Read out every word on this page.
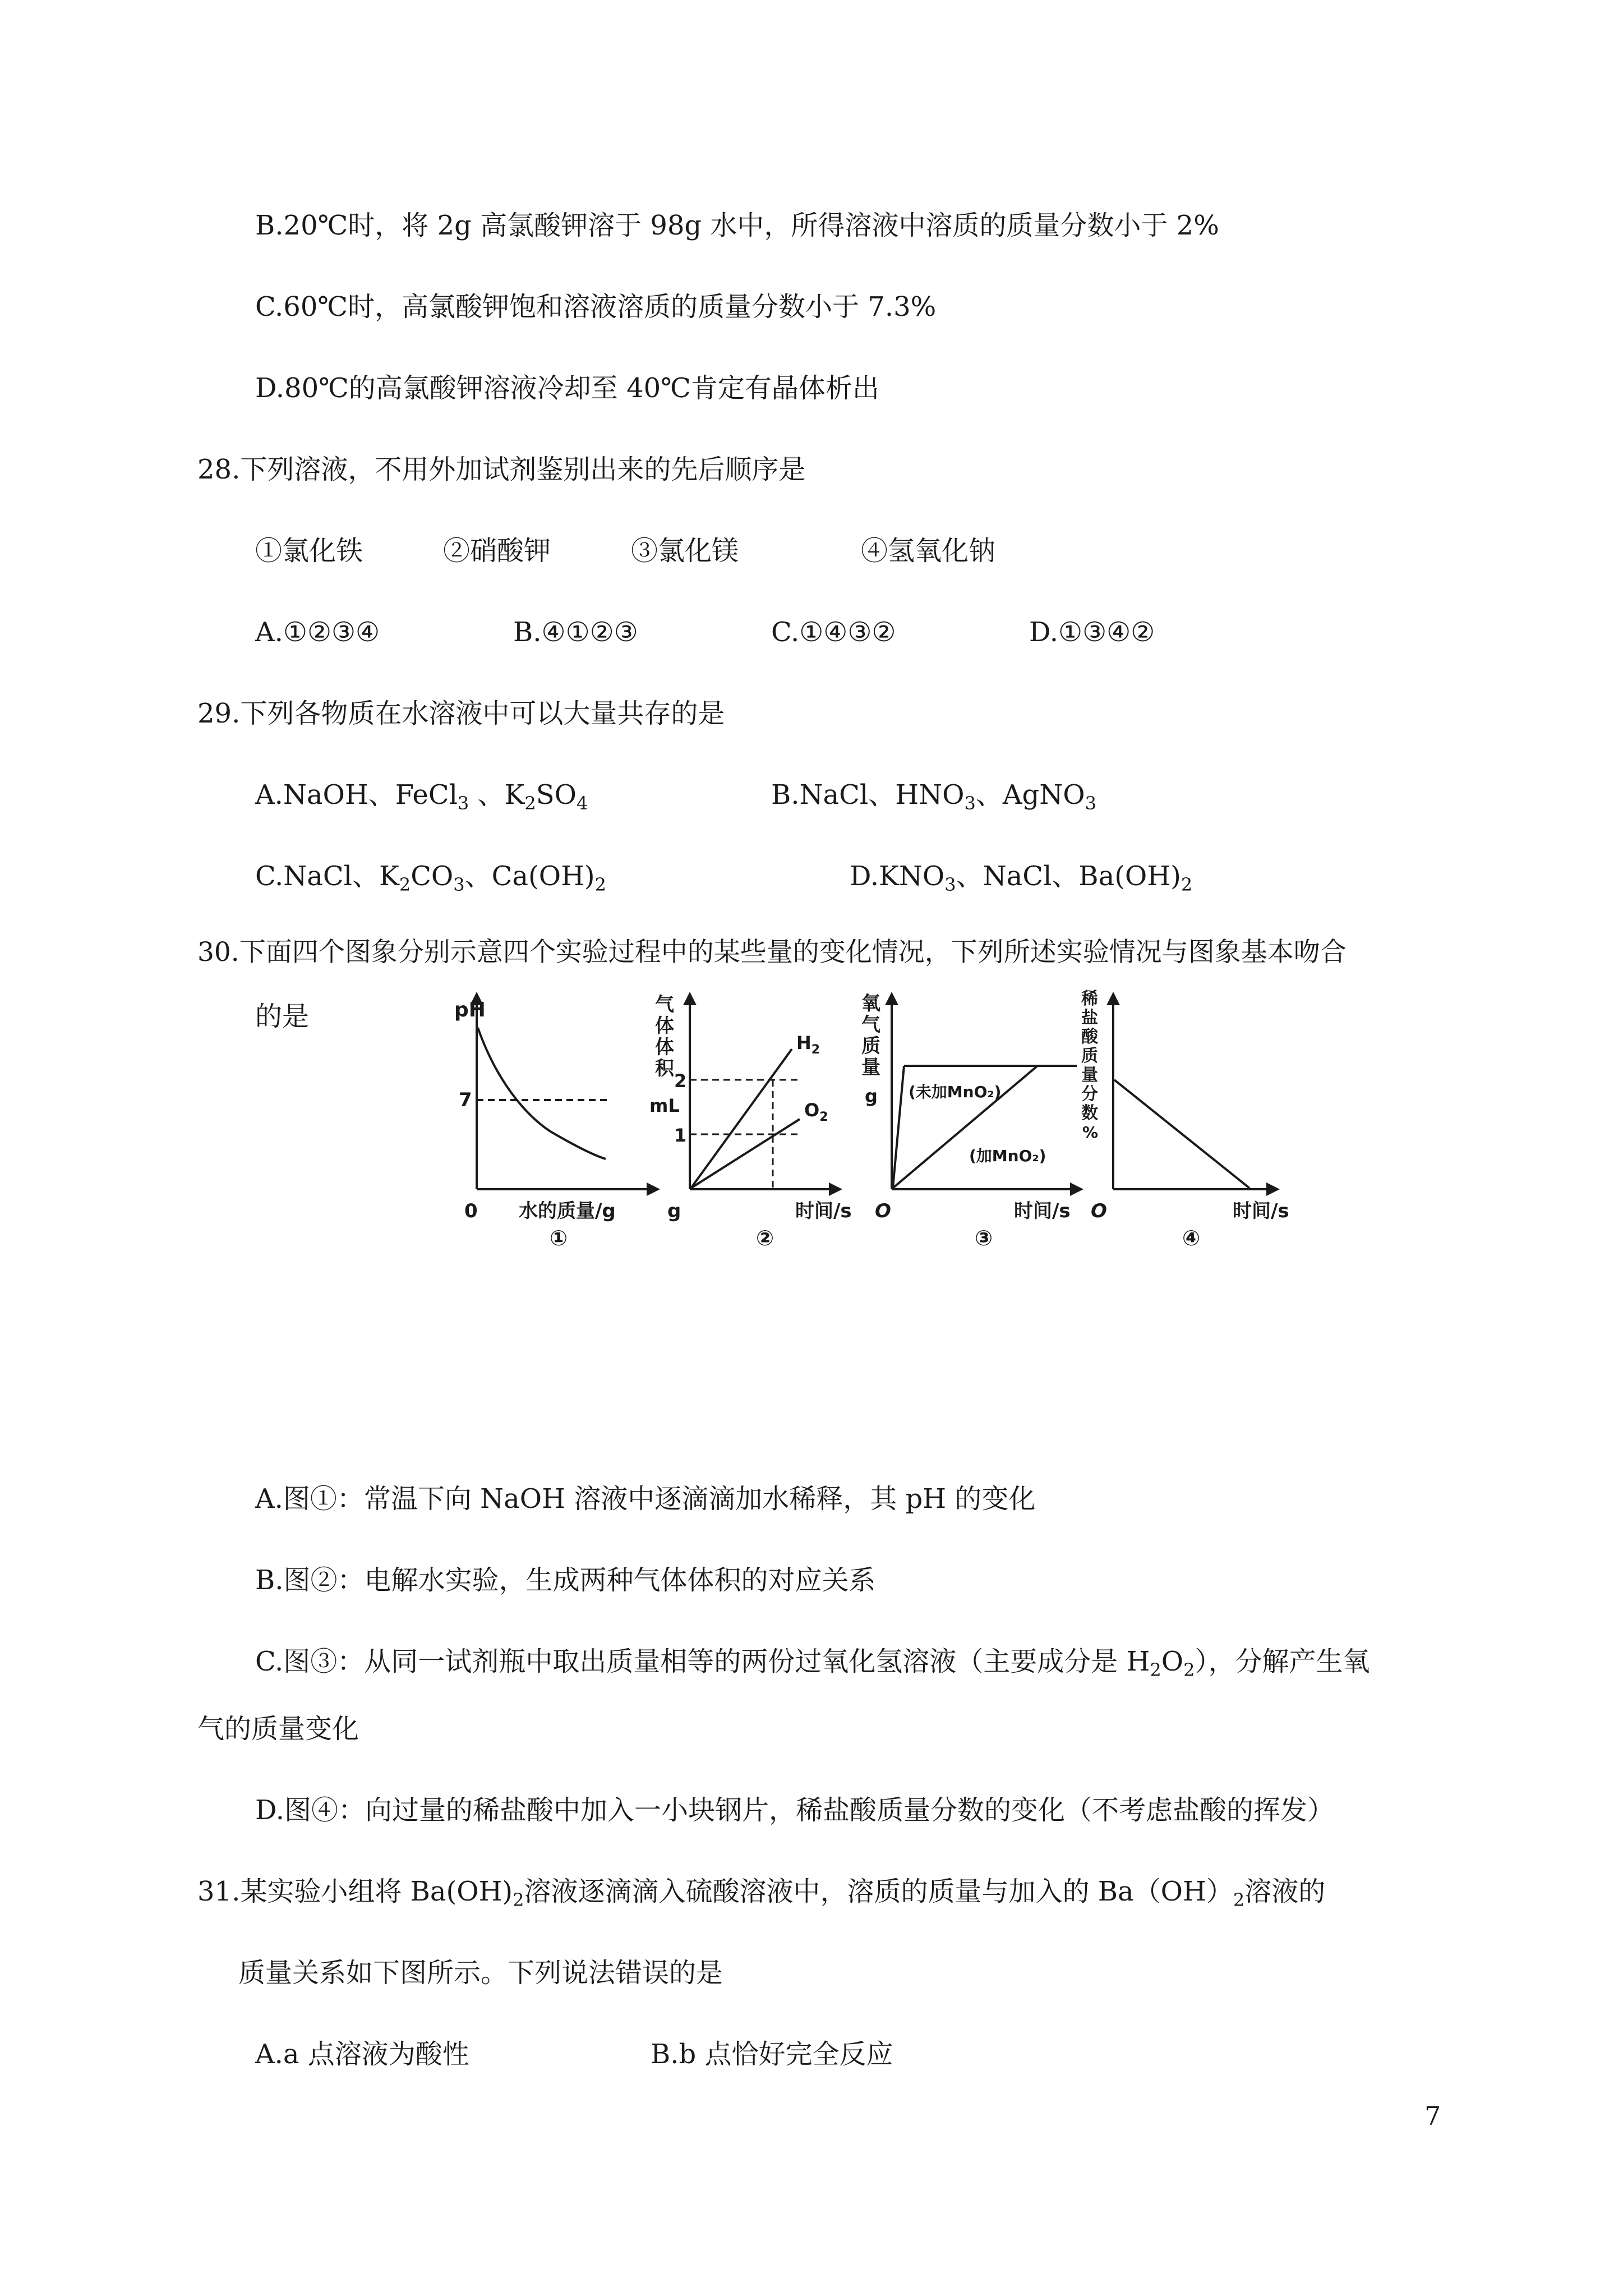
B.20℃时，将 2g 高氯酸钾溶于 98g 水中，所得溶液中溶质的质量分数小于 2%
C.60℃时，高氯酸钾饱和溶液溶质的质量分数小于 7.3%
D.80℃的高氯酸钾溶液冷却至 40℃肯定有晶体析出
28.下列溶液，不用外加试剂鉴别出来的先后顺序是
①氯化铁	②硝酸钾	③氯化镁	④氢氧化钠
A.①②③④	B.④①②③	C.①④③②	D.①③④②
29.下列各物质在水溶液中可以大量共存的是
A.NaOH、FeCl$_3$ 、$K_2SO_4$	B.NaCl、$HNO_3$、AgNO$_3$
C.NaCl、$K_2CO_3$、$Ca(OH)_2$	$D.KNO_3$、NaCl、$Ba(OH)_2$
30.下面四个图象分别示意四个实验过程中的某些量的变化情况，下列所述实验情况与图象基本吻合
的是	pH
7
0 水的质量/g
①
气
体
体
积
mL
2
1
$H_2$
$O_2$
g	时间/s
②
氧
气
质
量
g (未加MnO₂)
(加MnO₂)
O	时间/s
③
稀
盐
酸
质
量
分
数
%
O	时间/s
④
A.图①：常温下向 NaOH 溶液中逐滴滴加水稀释，其 pH 的变化
B.图②：电解水实验，生成两种气体体积的对应关系
C.图③：从同一试剂瓶中取出质量相等的两份过氧化氢溶液（主要成分是 $H_2O_2$），分解产生氧
气的质量变化
D.图④：向过量的稀盐酸中加入一小块钢片，稀盐酸质量分数的变化（不考虑盐酸的挥发）
31.某实验小组将 $Ba(OH)_2$溶液逐滴滴入硫酸溶液中，溶质的质量与加入的 $Ba(OH)_2$溶液的
质量关系如下图所示。下列说法错误的是
A.a 点溶液为酸性	B.b 点恰好完全反应
7
